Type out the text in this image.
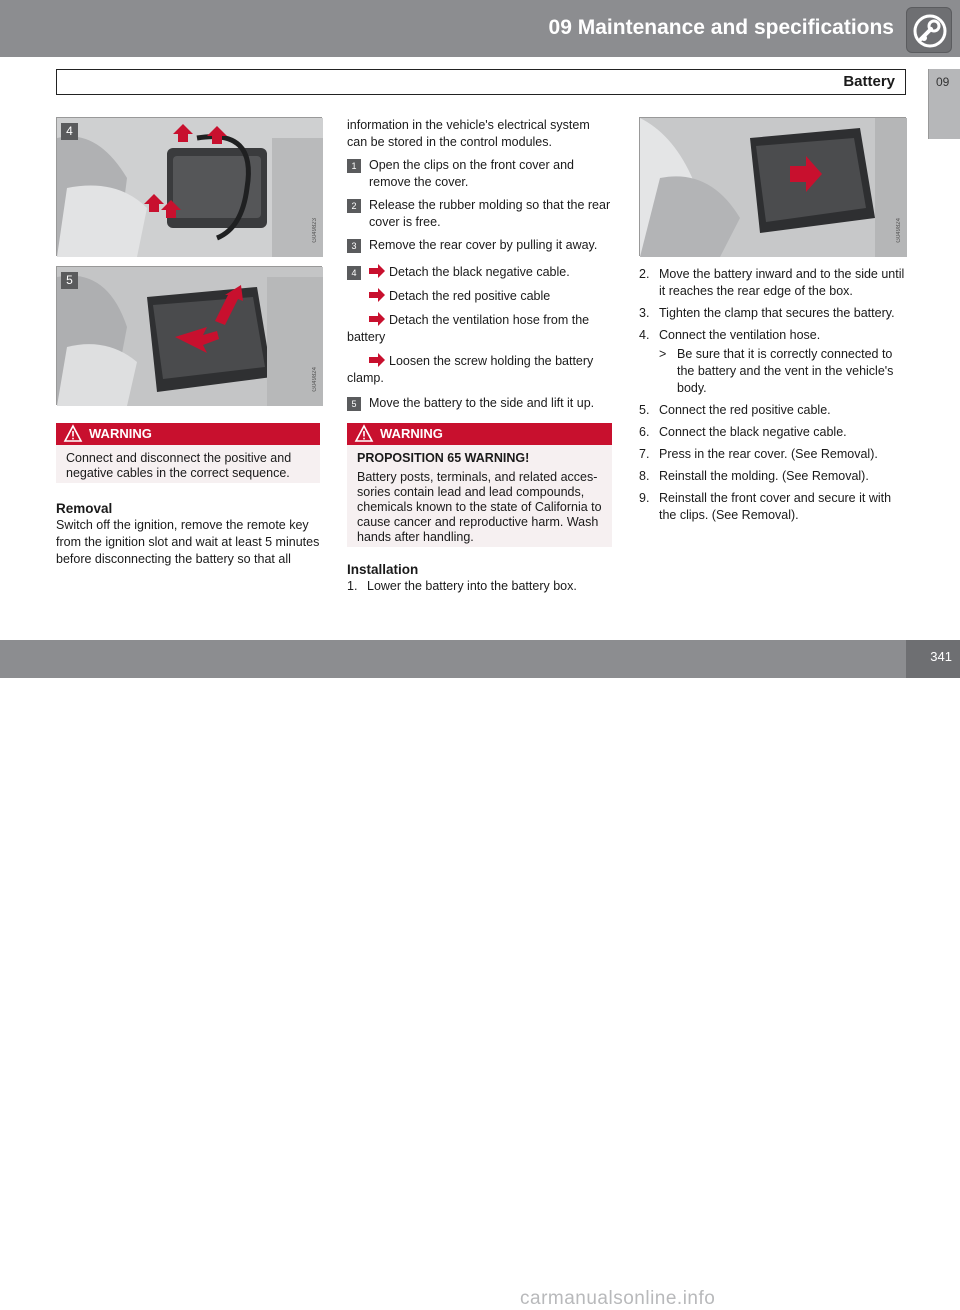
09 Maintenance and specifications
Battery	09
4
G049823
5
G049824
WARNING
Connect and disconnect the positive and negative cables in the correct sequence.
Removal
Switch off the ignition, remove the remote key from the ignition slot and wait at least 5 minutes before disconnecting the battery so that all
information in the vehicle's electrical system can be stored in the control modules.
1	Open the clips on the front cover and remove the cover.
2	Release the rubber molding so that the rear cover is free.
3	Remove the rear cover by pulling it away.
4	Detach the black negative cable.
Detach the red positive cable
Detach the ventilation hose from the battery
Loosen the screw holding the battery clamp.
5	Move the battery to the side and lift it up.
WARNING
PROPOSITION 65 WARNING!
Battery posts, terminals, and related acces-sories contain lead and lead compounds, chemicals known to the state of California to cause cancer and reproductive harm. Wash hands after handling.
Installation
1. Lower the battery into the battery box.
G049824
2. Move the battery inward and to the side until it reaches the rear edge of the box.
3. Tighten the clamp that secures the battery.
4. Connect the ventilation hose.
> Be sure that it is correctly connected to the battery and the vent in the vehicle's body.
5. Connect the red positive cable.
6. Connect the black negative cable.
7. Press in the rear cover. (See Removal).
8. Reinstall the molding. (See Removal).
9. Reinstall the front cover and secure it with the clips. (See Removal).
carmanualsonline.info
341
